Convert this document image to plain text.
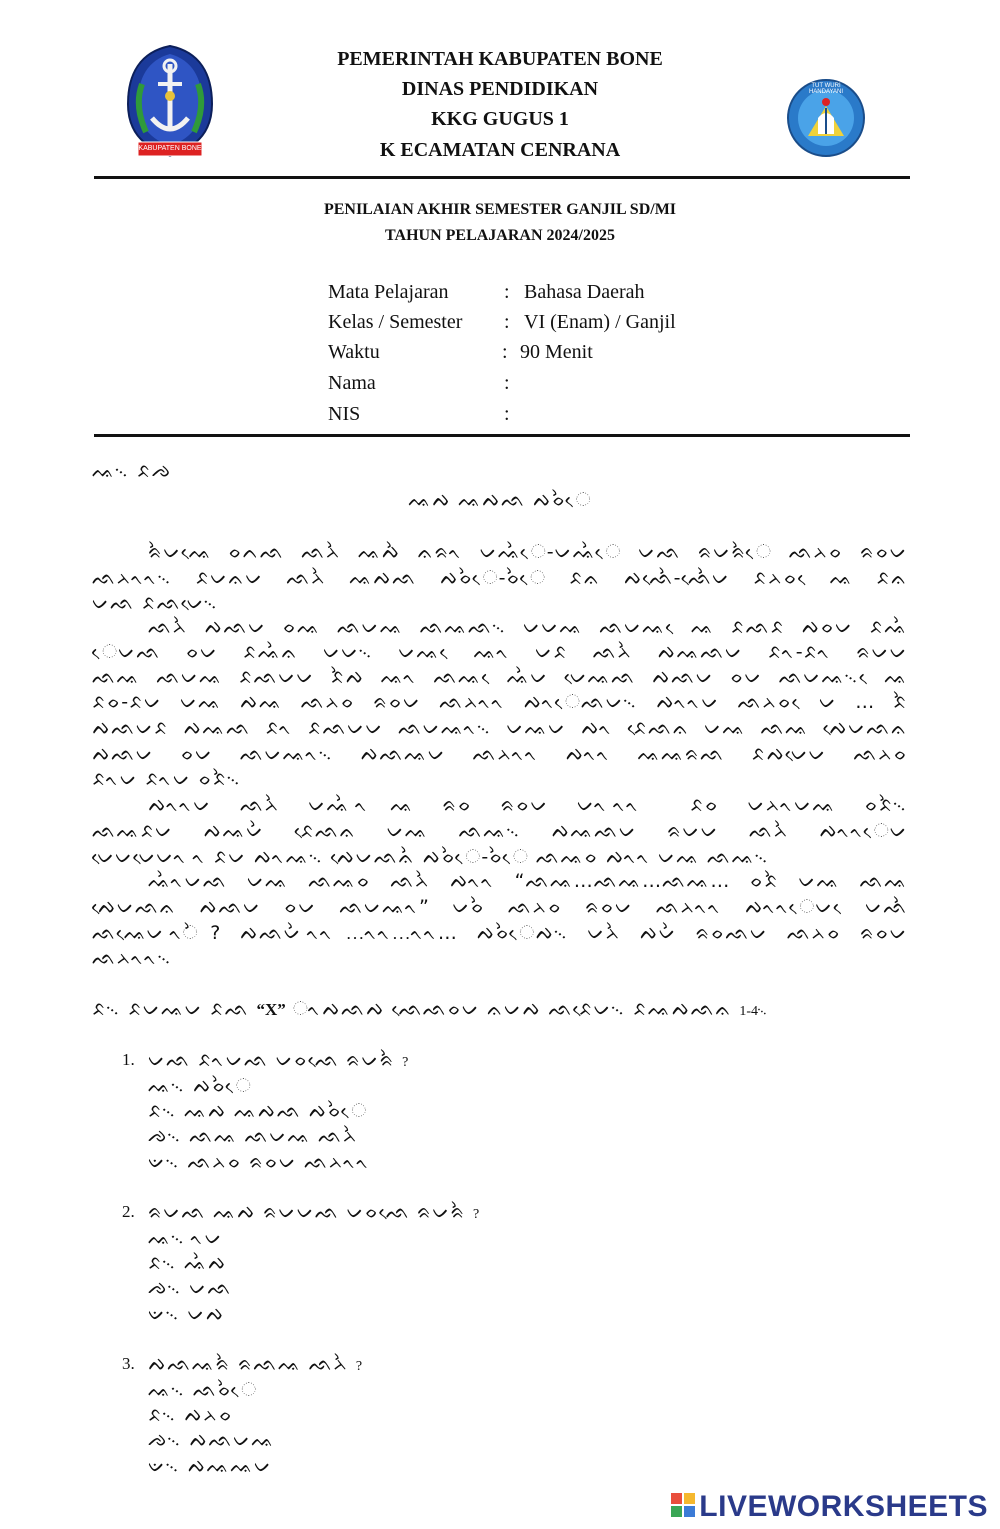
KABUPATEN BONE
TUT WURI HANDAYANI
PEMERINTAH KABUPATEN BONE
DINAS PENDIDIKAN
KKG GUGUS 1
K ECAMATAN CENRANA
PENILAIAN AKHIR SEMESTER GANJIL SD/MI
TAHUN PELAJARAN 2024/2025
Mata Pelajaran	: Bahasa Daerah
Kelas / Semester : VI (Enam) / Ganjil
Waktu	: 90 Menit
Nama	:
NIS	:
ᨕ᨞ ᨅᨌ
ᨕᨄ ᨕᨄᨒ ᨄᨔᨛᨙ
ᨑᨛᨆᨕᨙ ᨔᨈᨒ ᨒᨂᨛ ᨕᨄᨛ ᨊᨑᨚ ᨆᨕᨛᨙ-ᨆᨕᨛᨙ ᨆᨒ ᨑᨆᨑᨛᨙ ᨒᨂᨔ ᨑᨔᨆ
ᨒᨂᨚᨚ᨞ ᨅᨆᨊᨆ ᨒᨂᨛ ᨕᨄᨒ ᨄᨔᨛᨙ-ᨔᨛᨙ ᨅᨊ ᨄᨒᨙᨛ-ᨒᨙᨛᨆ ᨅᨂᨔ ᨙᨕ ᨅᨊ
ᨆᨒ ᨅᨒᨆᨙ᨞
ᨒᨂᨛ ᨄᨒᨆ ᨔᨕ ᨒᨆᨕ ᨒᨕᨒ᨞ ᨆᨆᨕ ᨒᨆᨕ ᨙᨕ ᨅᨒᨅ ᨄᨔᨆ ᨅᨕᨛ
ᨙᨆᨒ ᨔᨆ ᨅᨕᨛᨊ ᨆᨆ᨞ ᨆᨕ ᨙᨕᨚ ᨆᨅ ᨒᨂᨛ ᨄᨕᨒᨆ ᨅᨚ-ᨅᨚ ᨑᨆᨆ
ᨒᨕ ᨒᨆᨕ ᨅᨒᨆᨆ ᨅᨛᨄ ᨕᨚ ᨒᨕ ᨙᨕᨛᨆ ᨆᨙᨕᨒ ᨄᨒᨆ ᨔᨆ ᨒᨆᨕ᨞ ᨙᨕ
ᨅᨔ-ᨅᨆ ᨆᨕ ᨄᨕ ᨒᨂᨔ ᨑᨔᨆ ᨒᨂᨚᨚ ᨄᨚᨙᨒᨆ᨞ ᨄᨚᨚᨆ ᨒᨂᨔ ᨙᨆ … ᨅᨛ
ᨄᨒᨆᨅ ᨄᨕᨒ ᨅᨚ ᨅᨒᨆᨆ ᨒᨆᨕᨚ᨞ ᨆᨕᨆ ᨄᨚ ᨅᨙᨒᨊ ᨆᨕ ᨒᨕ ᨄᨙᨆᨒᨊ
ᨄᨒᨆ ᨔᨆ ᨒᨆᨕᨚ᨞ ᨄᨒᨕᨆ ᨒᨂᨚᨚ ᨄᨚᨚ ᨕᨕᨑᨒ ᨅᨄᨆᨙᨆ ᨒᨂᨔ
ᨅᨚᨆ ᨅᨚᨆ ᨔᨅᨛ᨞
ᨄᨚᨚᨆ ᨒᨂᨛ ᨆᨕᨛ ᨚᨕ ᨑᨔ ᨑᨔᨆ ᨆᨚ ᨚᨚ ᨅᨔ ᨆᨂᨚᨆᨕ ᨔᨅᨛ᨞
ᨒᨕᨅᨆ ᨄᨕᨆᨛ ᨅᨙᨒᨊ ᨆᨕ ᨒᨕ᨞ ᨄᨕᨒᨆ ᨑᨆᨆ ᨒᨂᨛ ᨄᨚᨚᨙᨆ
ᨆᨙᨆᨆᨙᨆᨚ ᨚ ᨅᨆ ᨄᨚᨕ᨞ ᨄᨙᨆᨒᨊᨛ ᨄᨔᨛᨙ-ᨔᨛᨙ ᨒᨕᨔ ᨄᨚᨚ ᨆᨕ ᨒᨕ᨞
ᨕᨛᨚᨆᨒ ᨆᨕ ᨒᨕᨔ ᨒᨂᨛ ᨄᨚᨚ “ᨒᨕ…ᨒᨕ…ᨒᨕ… ᨔᨅᨛ ᨆᨕ ᨒᨕ
ᨄᨙᨆᨒᨊ ᨄᨒᨆ ᨔᨆ ᨒᨆᨕᨚ” ᨆᨔᨛ ᨒᨂᨔ ᨑᨔᨆ ᨒᨂᨚᨚ ᨄᨚᨚᨙᨆ ᨙᨆᨒᨛ
ᨒᨕᨙᨆ ᨚᨛ? ᨄᨒᨆᨛ ᨚᨚ…ᨚᨚ…ᨚᨚ… ᨄᨔᨛᨙᨄ᨞ ᨆᨂᨛ ᨄᨆᨛ ᨑᨔᨒᨆ ᨒᨂᨔ ᨑᨔᨆ
ᨒᨂᨚᨚ᨞
ᨅ᨞ ᨅᨆᨕᨆ ᨅᨒ “X” ᨚᨄᨒᨄ ᨒᨙᨒᨔᨆ ᨊᨆᨄ ᨒᨅᨙᨆ᨞ ᨅᨕᨄᨒᨊ 1-4᨞
1. ᨆᨒ ᨅᨚᨆᨒ ᨆᨔᨒᨙ ᨑᨆᨑᨛ ?
ᨕ᨞ ᨄᨔᨛᨙ
ᨅ᨞ ᨕᨄ ᨕᨄᨒ ᨄᨔᨛᨙ
ᨌ᨞ ᨒᨕ ᨒᨆᨕ ᨒᨂᨛ
ᨉ᨞ ᨒᨂᨔ ᨑᨔᨆ ᨒᨂᨚᨚ
2. ᨑᨆᨒ ᨕᨄ ᨑᨆᨆᨒ ᨆᨔᨒᨙ ᨑᨆᨑᨛ ?
ᨕ᨞ ᨚᨆ
ᨅ᨞ ᨕᨛᨄ
ᨌ᨞ ᨆᨒ
ᨉ᨞ ᨆᨄ
3. ᨄᨒᨕᨑᨛ ᨑᨒᨕ ᨒᨂᨛ ?
ᨕ᨞ ᨒᨔᨛᨙ
ᨅ᨞ ᨄᨂᨔ
ᨌ᨞ ᨄᨒᨆᨕ
ᨉ᨞ ᨄᨕᨕᨆ
LIVEWORKSHEETS
